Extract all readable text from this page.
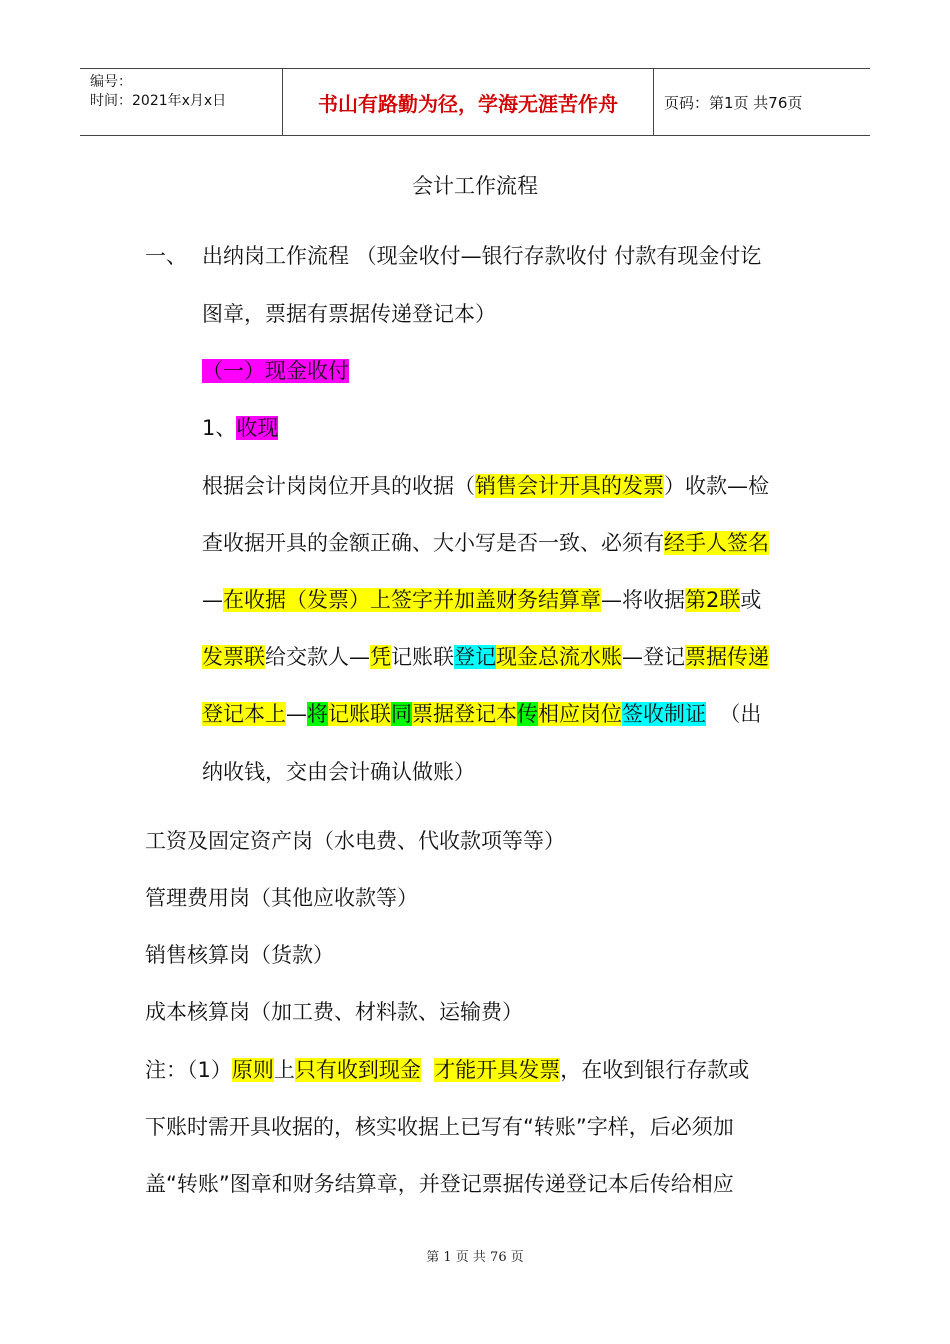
编号：
时间：2021年x月x日	书山有路勤为径，学海无涯苦作舟	页码：第1页 共76页
会计工作流程
一、 出纳岗工作流程 （现金收付—银行存款收付 付款有现金付讫
图章，票据有票据传递登记本）
（一）现金收付
1、收现
根据会计岗岗位开具的收据（销售会计开具的发票）收款—检
查收据开具的金额正确、大小写是否一致、必须有经手人签名
—在收据（发票）上签字并加盖财务结算章—将收据第2联或
发票联给交款人—凭记账联登记现金总流水账—登记票据传递
登记本上—将记账联同票据登记本传相应岗位签收制证  （出
纳收钱，交由会计确认做账）
工资及固定资产岗（水电费、代收款项等等）
管理费用岗（其他应收款等）
销售核算岗（货款）
成本核算岗（加工费、材料款、运输费）
注：（1）原则上只有收到现金 才能开具发票，在收到银行存款或
下账时需开具收据的，核实收据上已写有“转账”字样，后必须加
盖“转账”图章和财务结算章，并登记票据传递登记本后传给相应
第 1 页 共 76 页
